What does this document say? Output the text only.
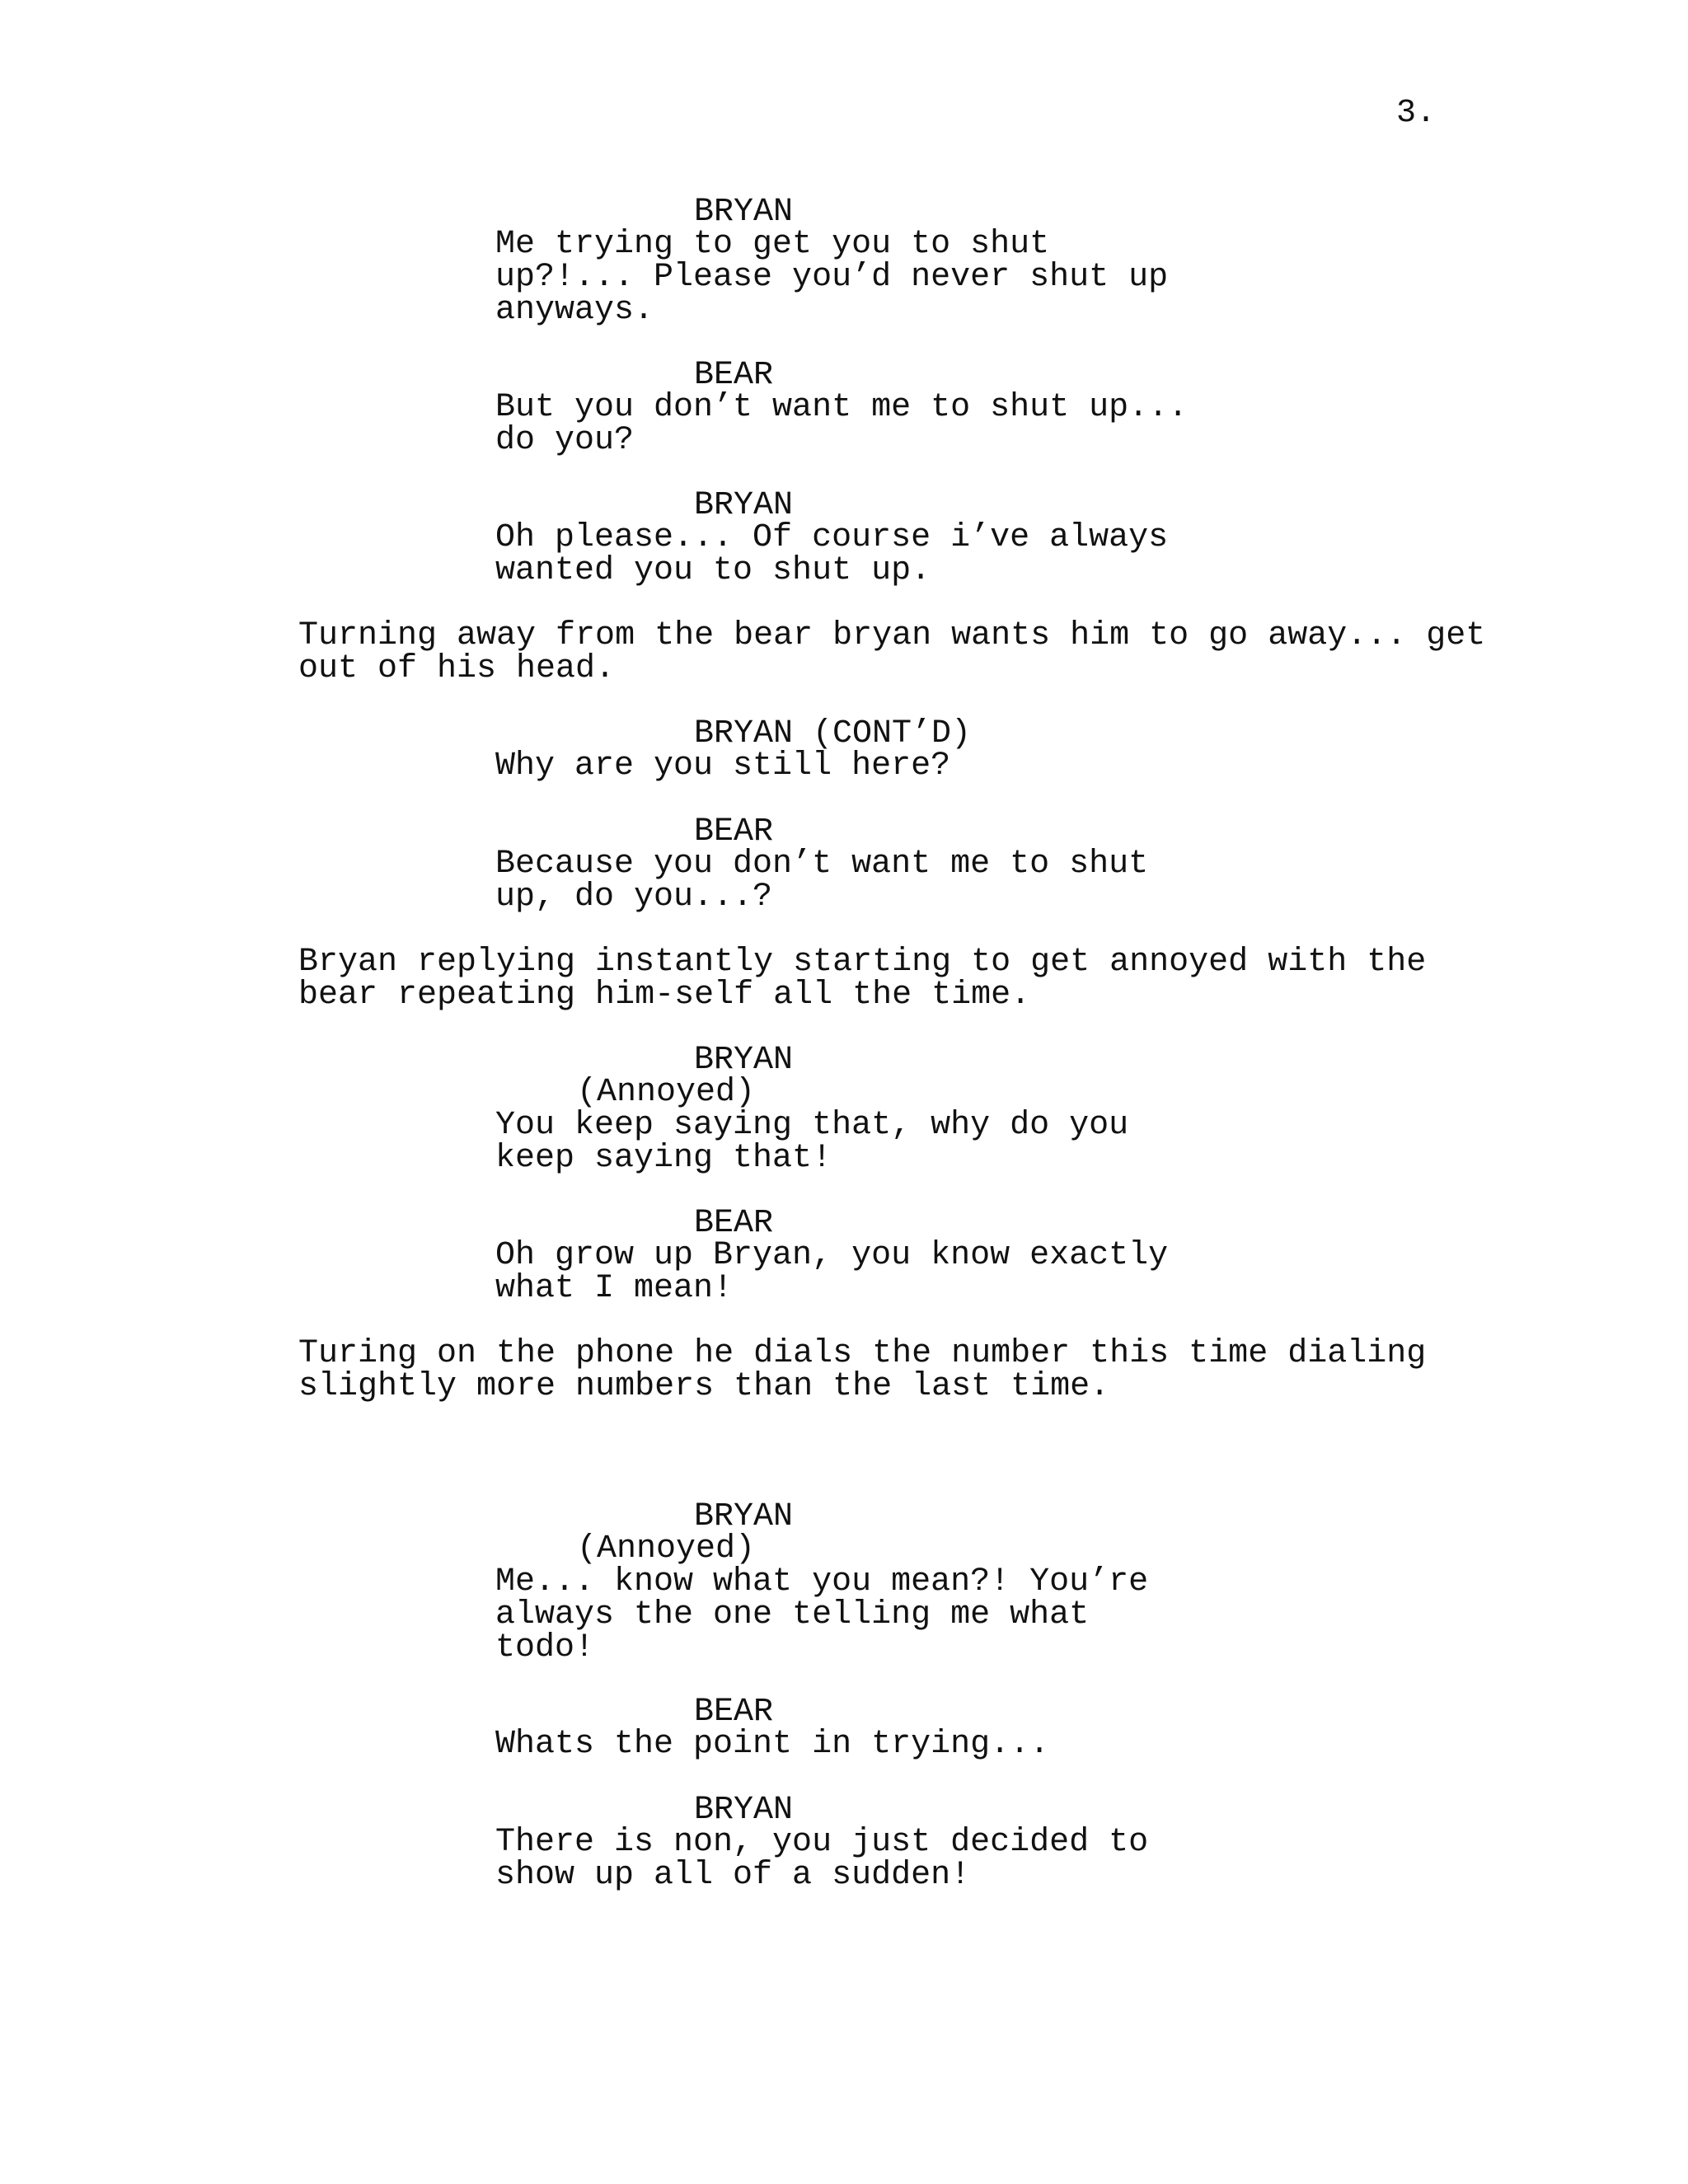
3.
BRYAN
Me trying to get you to shut
up?!... Please you’d never shut up
anyways.
BEAR
But you don’t want me to shut up...
do you?
BRYAN
Oh please... Of course i’ve always
wanted you to shut up.
Turning away from the bear bryan wants him to go away... get
out of his head.
BRYAN (CONT’D)
Why are you still here?
BEAR
Because you don’t want me to shut
up, do you...?
Bryan replying instantly starting to get annoyed with the
bear repeating him-self all the time.
BRYAN
(Annoyed)
You keep saying that, why do you
keep saying that!
BEAR
Oh grow up Bryan, you know exactly
what I mean!
Turing on the phone he dials the number this time dialing
slightly more numbers than the last time.
BRYAN
(Annoyed)
Me... know what you mean?! You’re
always the one telling me what
todo!
BEAR
Whats the point in trying...
BRYAN
There is non, you just decided to
show up all of a sudden!
